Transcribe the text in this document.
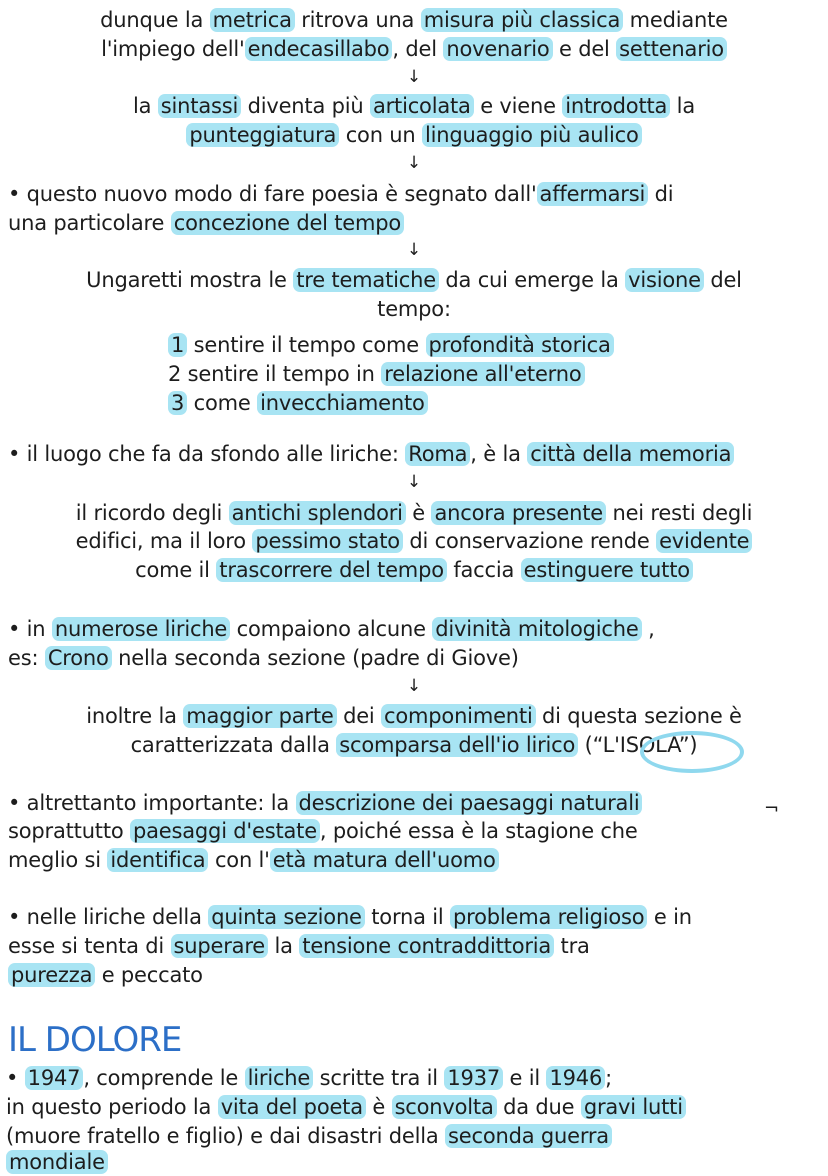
dunque la metrica ritrova una misura più classica mediante
l'impiego dell' endecasillabo , del novenario e del settenario
↓
la sintassi diventa più articolata e viene introdotta la
punteggiatura con un linguaggio più aulico
↓
• questo nuovo modo di fare poesia è segnato dall' affermarsi di
una particolare concezione del tempo
↓
Ungaretti mostra le tre tematiche da cui emerge la visione del
tempo:
1 sentire il tempo come profondità storica
2 sentire il tempo in relazione all'eterno
3 come invecchiamento
• il luogo che fa da sfondo alle liriche: Roma , è la città della memoria
↓
il ricordo degli antichi splendori è ancora presente nei resti degli
edifici, ma il loro pessimo stato di conservazione rende evidente
come il trascorrere del tempo faccia estinguere tutto
• in numerose liriche compaiono alcune divinità mitologiche ,
es: Crono nella seconda sezione (padre di Giove)
↓
inoltre la maggior parte dei componimenti di questa sezione è
caratterizzata dalla scomparsa dell'io lirico (“L'ISOLA”)
• altrettanto importante: la descrizione dei paesaggi naturali	¬
soprattutto paesaggi d'estate , poiché essa è la stagione che
meglio si identifica con l' età matura dell'uomo
• nelle liriche della quinta sezione torna il problema religioso e in
esse si tenta di superare la tensione contraddittoria tra
purezza e peccato
IL DOLORE
• 1947 , comprende le liriche scritte tra il 1937 e il 1946 ;
in questo periodo la vita del poeta è sconvolta da due gravi lutti
(muore fratello e figlio) e dai disastri della seconda guerra
mondiale
